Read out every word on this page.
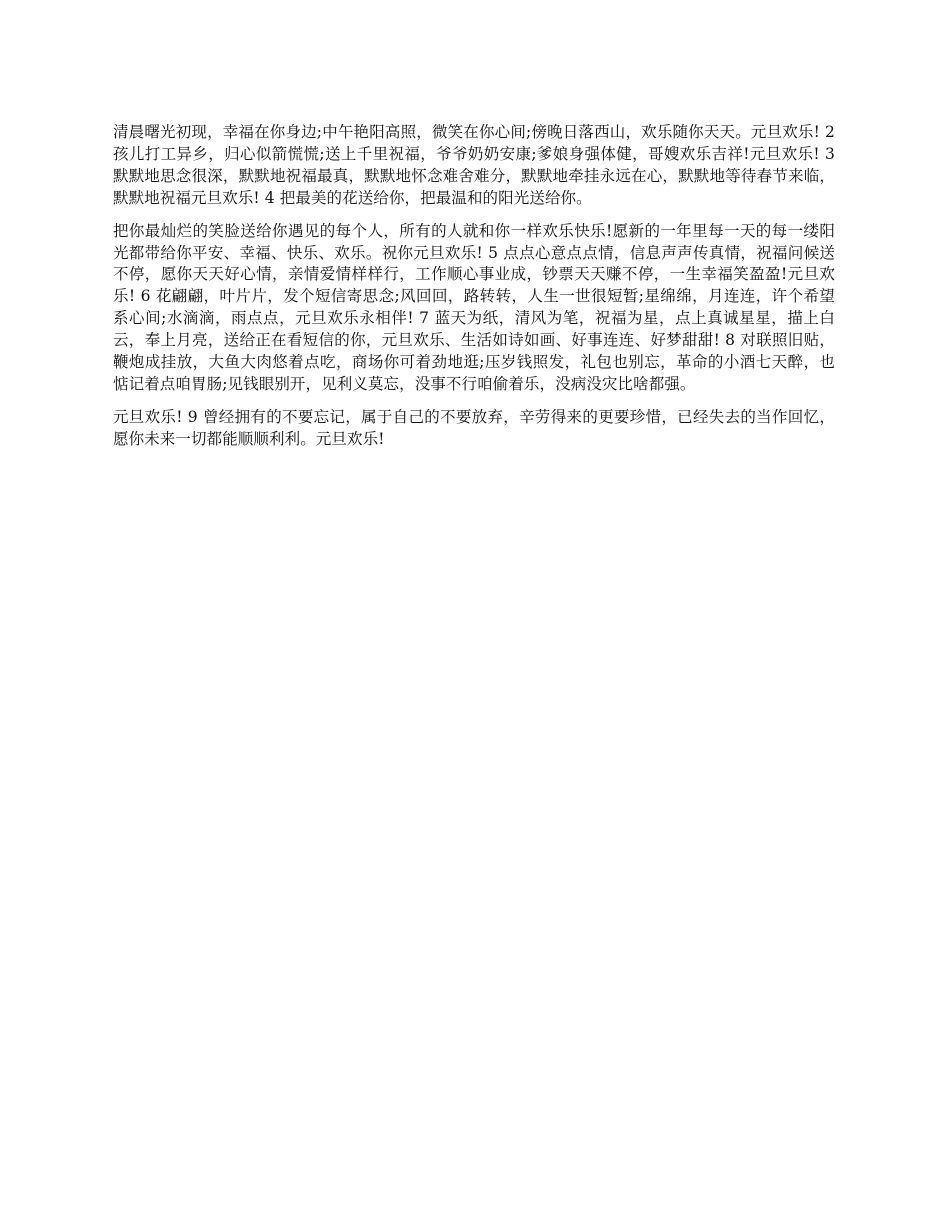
清晨曙光初现，幸福在你身边;中午艳阳高照，微笑在你心间;傍晚日落西山，欢乐随你天天。元旦欢乐! 2 孩儿打工异乡，归心似箭慌慌;送上千里祝福，爷爷奶奶安康;爹娘身强体健，哥嫂欢乐吉祥!元旦欢乐! 3 默默地思念很深，默默地祝福最真，默默地怀念难舍难分，默默地牵挂永远在心，默默地等待春节来临，默默地祝福元旦欢乐! 4 把最美的花送给你，把最温和的阳光送给你。

把你最灿烂的笑脸送给你遇见的每个人，所有的人就和你一样欢乐快乐!愿新的一年里每一天的每一缕阳光都带给你平安、幸福、快乐、欢乐。祝你元旦欢乐! 5 点点心意点点情，信息声声传真情，祝福问候送不停，愿你天天好心情，亲情爱情样样行，工作顺心事业成，钞票天天赚不停，一生幸福笑盈盈!元旦欢乐! 6 花翩翩，叶片片，发个短信寄思念;风回回，路转转，人生一世很短暂;星绵绵，月连连，许个希望系心间;水滴滴，雨点点，元旦欢乐永相伴! 7 蓝天为纸，清风为笔，祝福为星，点上真诚星星，描上白云，奉上月亮，送给正在看短信的你，元旦欢乐、生活如诗如画、好事连连、好梦甜甜! 8 对联照旧贴，鞭炮成挂放，大鱼大肉悠着点吃，商场你可着劲地逛;压岁钱照发，礼包也别忘，革命的小酒七天醉，也惦记着点咱胃肠;见钱眼别开，见利义莫忘，没事不行咱偷着乐，没病没灾比啥都强。

元旦欢乐! 9 曾经拥有的不要忘记，属于自己的不要放弃，辛劳得来的更要珍惜，已经失去的当作回忆，愿你未来一切都能顺顺利利。元旦欢乐!
